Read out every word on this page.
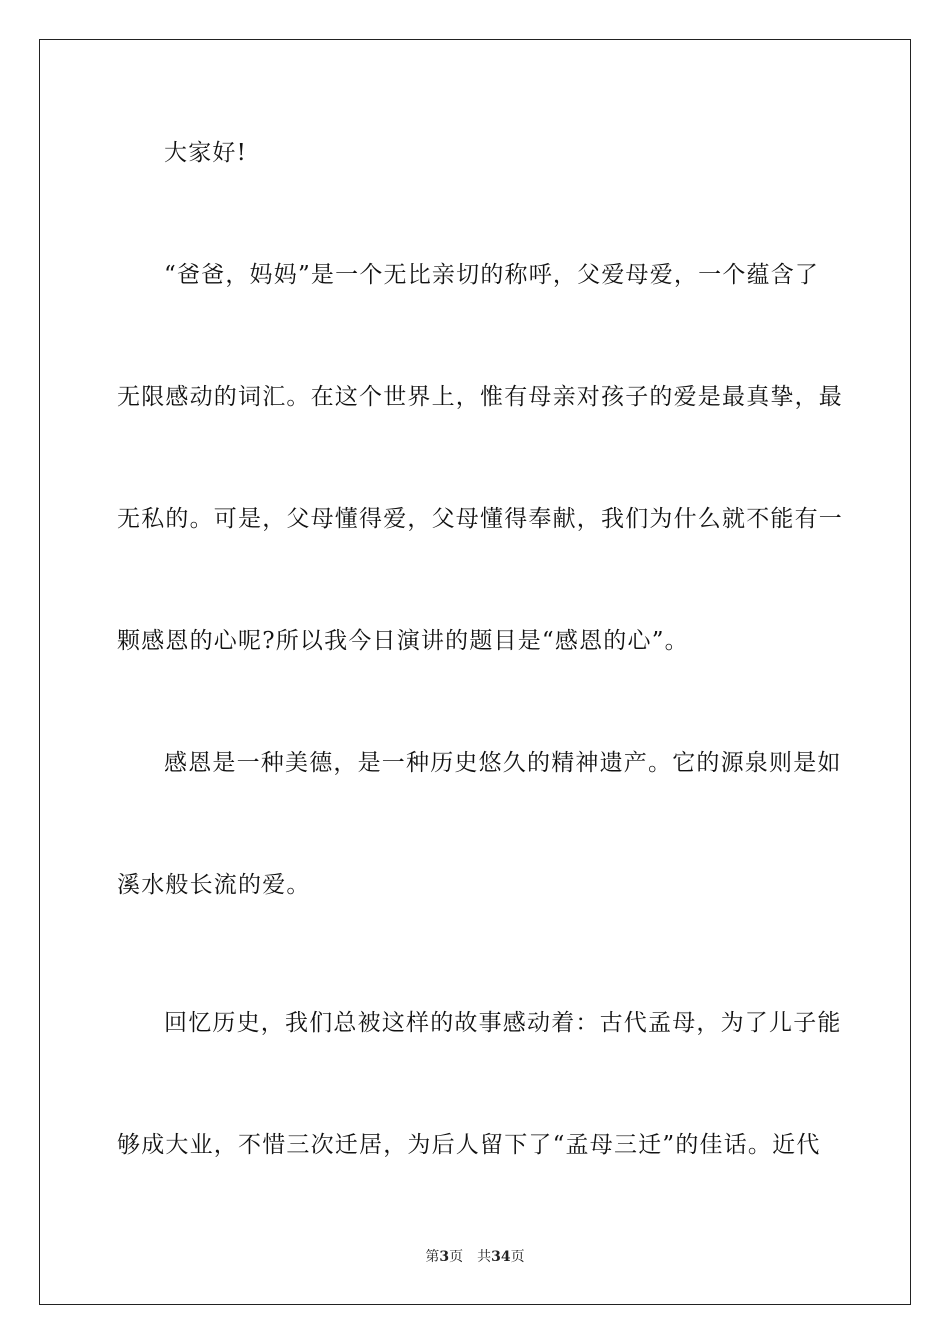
大家好!
“爸爸，妈妈”是一个无比亲切的称呼，父爱母爱，一个蕴含了
无限感动的词汇。在这个世界上，惟有母亲对孩子的爱是最真挚，最
无私的。可是，父母懂得爱，父母懂得奉献，我们为什么就不能有一
颗感恩的心呢?所以我今日演讲的题目是“感恩的心”。
感恩是一种美德，是一种历史悠久的精神遗产。它的源泉则是如
溪水般长流的爱。
回忆历史，我们总被这样的故事感动着：古代孟母，为了儿子能
够成大业，不惜三次迁居，为后人留下了“孟母三迁”的佳话。近代
第3页 共34页
